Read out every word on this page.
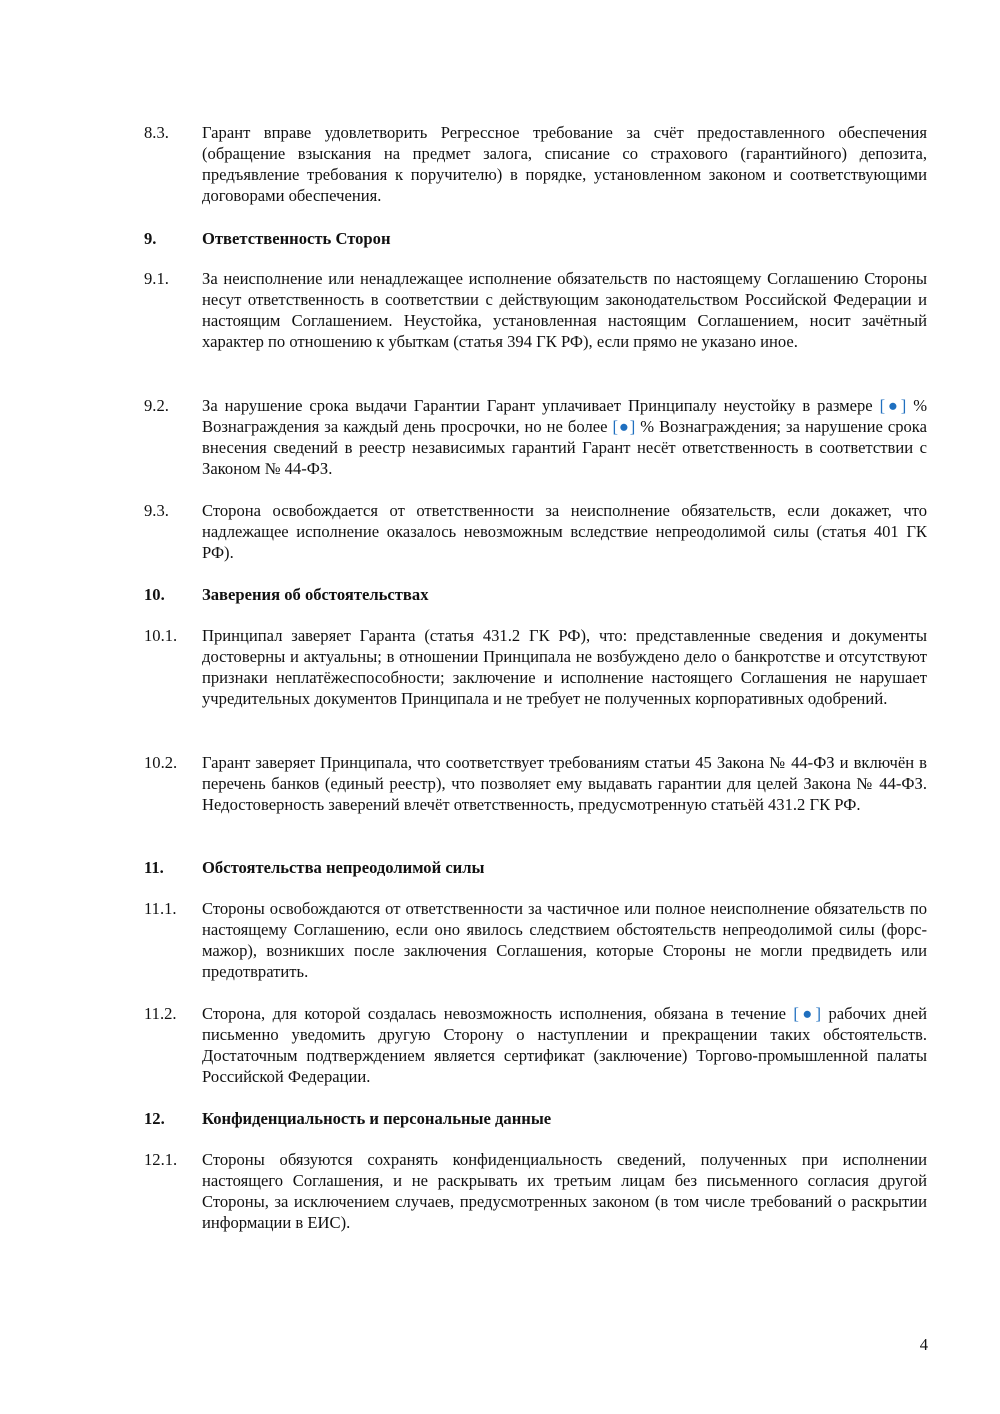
8.3. Гарант вправе удовлетворить Регрессное требование за счёт предоставленного обеспечения (обращение взыскания на предмет залога, списание со страхового (гарантийного) депозита, предъявление требования к поручителю) в порядке, установленном законом и соответствующими договорами обеспечения.
9.	Ответственность Сторон
9.1. За неисполнение или ненадлежащее исполнение обязательств по настоящему Соглашению Стороны несут ответственность в соответствии с действующим законодательством Российской Федерации и настоящим Соглашением. Неустойка, установленная настоящим Соглашением, носит зачётный характер по отношению к убыткам (статья 394 ГК РФ), если прямо не указано иное.
9.2. За нарушение срока выдачи Гарантии Гарант уплачивает Принципалу неустойку в размере [●] % Вознаграждения за каждый день просрочки, но не более [●] % Вознаграждения; за нарушение срока внесения сведений в реестр независимых гарантий Гарант несёт ответственность в соответствии с Законом № 44-ФЗ.
9.3. Сторона освобождается от ответственности за неисполнение обязательств, если докажет, что надлежащее исполнение оказалось невозможным вследствие непреодолимой силы (статья 401 ГК РФ).
10. Заверения об обстоятельствах
10.1. Принципал заверяет Гаранта (статья 431.2 ГК РФ), что: представленные сведения и документы достоверны и актуальны; в отношении Принципала не возбуждено дело о банкротстве и отсутствуют признаки неплатёжеспособности; заключение и исполнение настоящего Соглашения не нарушает учредительных документов Принципала и не требует не полученных корпоративных одобрений.
10.2. Гарант заверяет Принципала, что соответствует требованиям статьи 45 Закона № 44-ФЗ и включён в перечень банков (единый реестр), что позволяет ему выдавать гарантии для целей Закона № 44-ФЗ. Недостоверность заверений влечёт ответственность, предусмотренную статьёй 431.2 ГК РФ.
11. Обстоятельства непреодолимой силы
11.1. Стороны освобождаются от ответственности за частичное или полное неисполнение обязательств по настоящему Соглашению, если оно явилось следствием обстоятельств непреодолимой силы (форс-мажор), возникших после заключения Соглашения, которые Стороны не могли предвидеть или предотвратить.
11.2. Сторона, для которой создалась невозможность исполнения, обязана в течение [●] рабочих дней письменно уведомить другую Сторону о наступлении и прекращении таких обстоятельств. Достаточным подтверждением является сертификат (заключение) Торгово-промышленной палаты Российской Федерации.
12. Конфиденциальность и персональные данные
12.1. Стороны обязуются сохранять конфиденциальность сведений, полученных при исполнении настоящего Соглашения, и не раскрывать их третьим лицам без письменного согласия другой Стороны, за исключением случаев, предусмотренных законом (в том числе требований о раскрытии информации в ЕИС).
4
